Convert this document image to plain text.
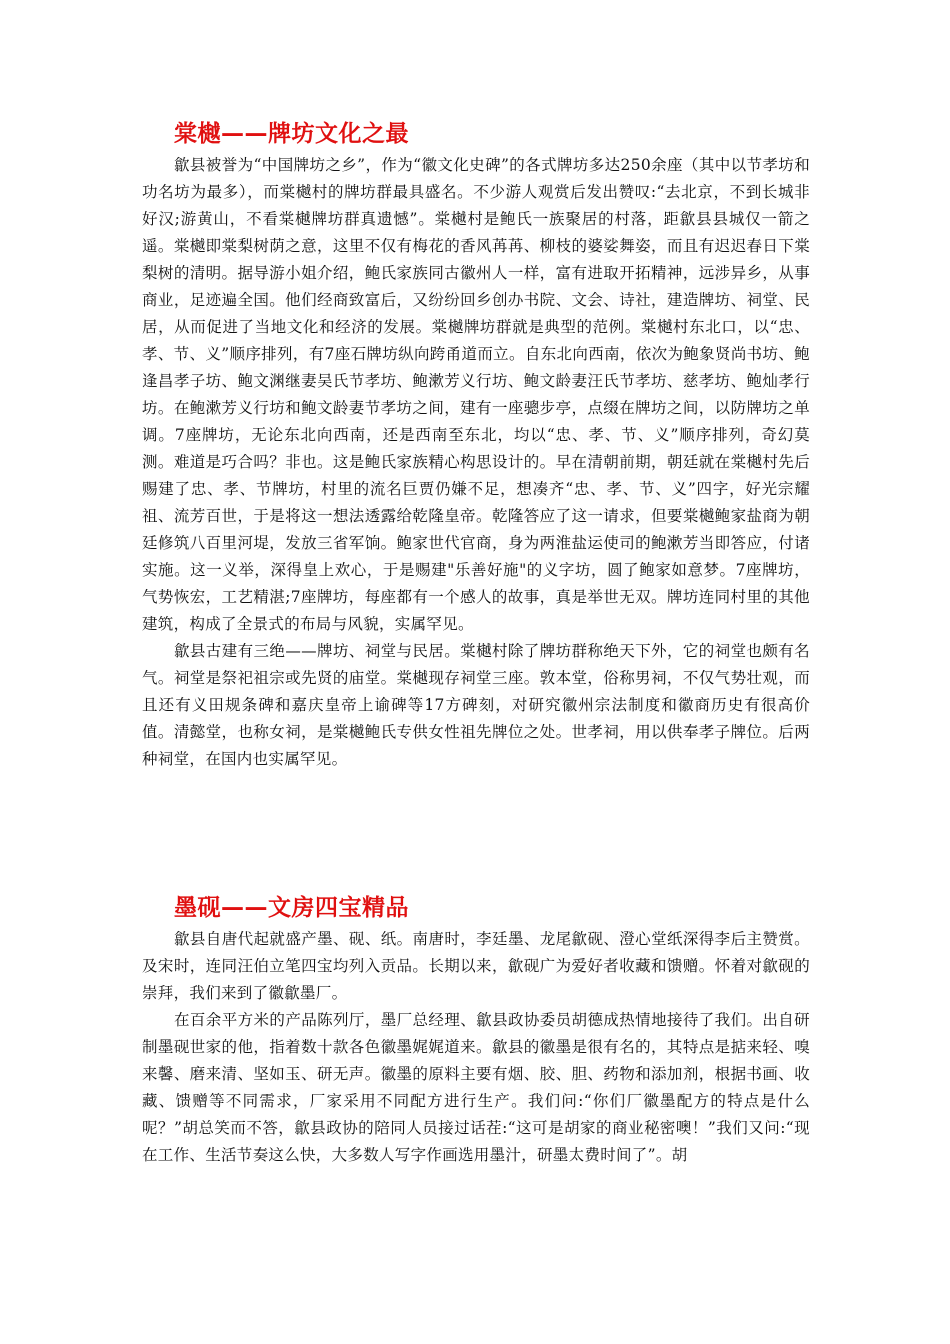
棠樾——牌坊文化之最

歙县被誉为“中国牌坊之乡”，作为“徽文化史碑”的各式牌坊多达250余座（其中以节孝坊和功名坊为最多），而棠樾村的牌坊群最具盛名。不少游人观赏后发出赞叹:“去北京，不到长城非好汉;游黄山，不看棠樾牌坊群真遗憾”。棠樾村是鲍氏一族聚居的村落，距歙县县城仅一箭之遥。棠樾即棠梨树荫之意，这里不仅有梅花的香风苒苒、柳枝的婆娑舞姿，而且有迟迟春日下棠梨树的清明。据导游小姐介绍，鲍氏家族同古徽州人一样，富有进取开拓精神，远涉异乡，从事商业，足迹遍全国。他们经商致富后，又纷纷回乡创办书院、文会、诗社，建造牌坊、祠堂、民居，从而促进了当地文化和经济的发展。棠樾牌坊群就是典型的范例。棠樾村东北口，以“忠、孝、节、义”顺序排列，有7座石牌坊纵向跨甬道而立。自东北向西南，依次为鲍象贤尚书坊、鲍逢昌孝子坊、鲍文渊继妻吴氏节孝坊、鲍漱芳义行坊、鲍文龄妻汪氏节孝坊、慈孝坊、鲍灿孝行坊。在鲍漱芳义行坊和鲍文龄妻节孝坊之间，建有一座骢步亭，点缀在牌坊之间，以防牌坊之单调。7座牌坊，无论东北向西南，还是西南至东北，均以“忠、孝、节、义”顺序排列，奇幻莫测。难道是巧合吗？非也。这是鲍氏家族精心构思设计的。早在清朝前期，朝廷就在棠樾村先后赐建了忠、孝、节牌坊，村里的流名巨贾仍嫌不足，想凑齐“忠、孝、节、义”四字，好光宗耀祖、流芳百世，于是将这一想法透露给乾隆皇帝。乾隆答应了这一请求，但要棠樾鲍家盐商为朝廷修筑八百里河堤，发放三省军饷。鲍家世代官商，身为两淮盐运使司的鲍漱芳当即答应，付诸实施。这一义举，深得皇上欢心，于是赐建"乐善好施"的义字坊，圆了鲍家如意梦。7座牌坊，气势恢宏，工艺精湛;7座牌坊，每座都有一个感人的故事，真是举世无双。牌坊连同村里的其他建筑，构成了全景式的布局与风貌，实属罕见。

歙县古建有三绝——牌坊、祠堂与民居。棠樾村除了牌坊群称绝天下外，它的祠堂也颇有名气。祠堂是祭祀祖宗或先贤的庙堂。棠樾现存祠堂三座。敦本堂，俗称男祠，不仅气势壮观，而且还有义田规条碑和嘉庆皇帝上谕碑等17方碑刻，对研究徽州宗法制度和徽商历史有很高价值。清懿堂，也称女祠，是棠樾鲍氏专供女性祖先牌位之处。世孝祠，用以供奉孝子牌位。后两种祠堂，在国内也实属罕见。

墨砚——文房四宝精品

歙县自唐代起就盛产墨、砚、纸。南唐时，李廷墨、龙尾歙砚、澄心堂纸深得李后主赞赏。及宋时，连同汪伯立笔四宝均列入贡品。长期以来，歙砚广为爱好者收藏和馈赠。怀着对歙砚的崇拜，我们来到了徽歙墨厂。

在百余平方米的产品陈列厅，墨厂总经理、歙县政协委员胡德成热情地接待了我们。出自研制墨砚世家的他，指着数十款各色徽墨娓娓道来。歙县的徽墨是很有名的，其特点是掂来轻、嗅来馨、磨来清、坚如玉、研无声。徽墨的原料主要有烟、胶、胆、药物和添加剂，根据书画、收藏、馈赠等不同需求，厂家采用不同配方进行生产。我们问:“你们厂徽墨配方的特点是什么呢？”胡总笑而不答，歙县政协的陪同人员接过话茬:“这可是胡家的商业秘密噢！”我们又问:“现在工作、生活节奏这么快，大多数人写字作画选用墨汁，研墨太费时间了”。胡
